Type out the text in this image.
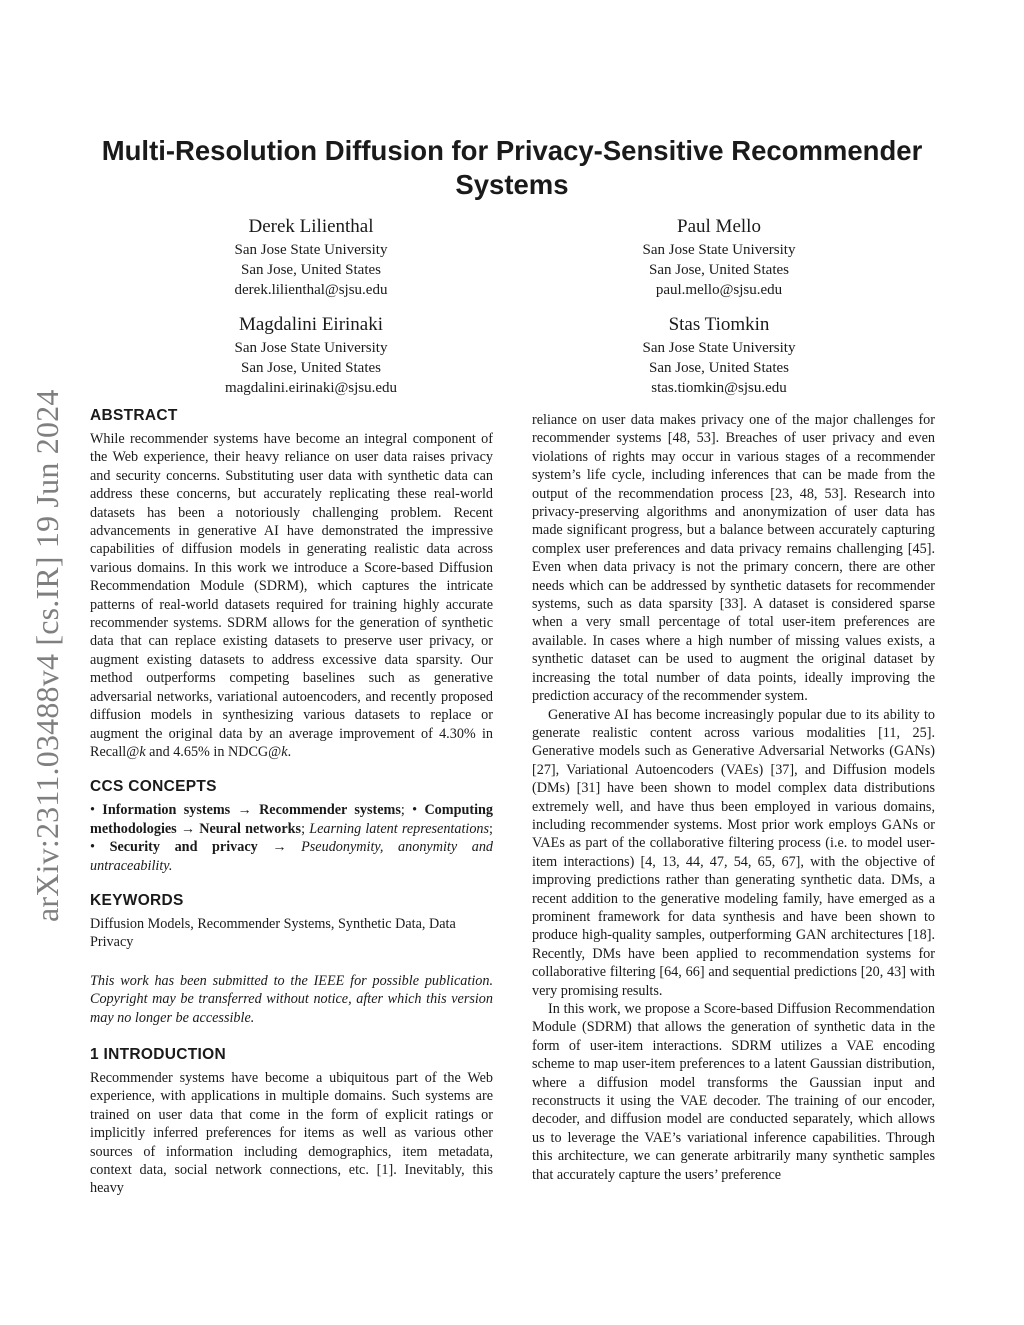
arXiv:2311.03488v4 [cs.IR] 19 Jun 2024
Multi-Resolution Diffusion for Privacy-Sensitive Recommender Systems
Derek Lilienthal
San Jose State University
San Jose, United States
derek.lilienthal@sjsu.edu
Paul Mello
San Jose State University
San Jose, United States
paul.mello@sjsu.edu
Magdalini Eirinaki
San Jose State University
San Jose, United States
magdalini.eirinaki@sjsu.edu
Stas Tiomkin
San Jose State University
San Jose, United States
stas.tiomkin@sjsu.edu
ABSTRACT

While recommender systems have become an integral component of the Web experience, their heavy reliance on user data raises privacy and security concerns. Substituting user data with synthetic data can address these concerns, but accurately replicating these real-world datasets has been a notoriously challenging problem. Recent advancements in generative AI have demonstrated the impressive capabilities of diffusion models in generating realistic data across various domains. In this work we introduce a Score-based Diffusion Recommendation Module (SDRM), which captures the intricate patterns of real-world datasets required for training highly accurate recommender systems. SDRM allows for the generation of synthetic data that can replace existing datasets to preserve user privacy, or augment existing datasets to address excessive data sparsity. Our method outperforms competing baselines such as generative adversarial networks, variational autoencoders, and recently proposed diffusion models in synthesizing various datasets to replace or augment the original data by an average improvement of 4.30% in Recall@k and 4.65% in NDCG@k.

CCS CONCEPTS

• Information systems → Recommender systems; • Computing methodologies → Neural networks; Learning latent representations; • Security and privacy → Pseudonymity, anonymity and untraceability.

KEYWORDS

Diffusion Models, Recommender Systems, Synthetic Data, Data Privacy

This work has been submitted to the IEEE for possible publication. Copyright may be transferred without notice, after which this version may no longer be accessible.

1 INTRODUCTION

Recommender systems have become a ubiquitous part of the Web experience, with applications in multiple domains. Such systems are trained on user data that come in the form of explicit ratings or implicitly inferred preferences for items as well as various other sources of information including demographics, item metadata, context data, social network connections, etc. [1]. Inevitably, this heavy

reliance on user data makes privacy one of the major challenges for recommender systems [48, 53]. Breaches of user privacy and even violations of rights may occur in various stages of a recommender system’s life cycle, including inferences that can be made from the output of the recommendation process [23, 48, 53]. Research into privacy-preserving algorithms and anonymization of user data has made significant progress, but a balance between accurately capturing complex user preferences and data privacy remains challenging [45]. Even when data privacy is not the primary concern, there are other needs which can be addressed by synthetic datasets for recommender systems, such as data sparsity [33]. A dataset is considered sparse when a very small percentage of total user-item preferences are available. In cases where a high number of missing values exists, a synthetic dataset can be used to augment the original dataset by increasing the total number of data points, ideally improving the prediction accuracy of the recommender system.

Generative AI has become increasingly popular due to its ability to generate realistic content across various modalities [11, 25]. Generative models such as Generative Adversarial Networks (GANs) [27], Variational Autoencoders (VAEs) [37], and Diffusion models (DMs) [31] have been shown to model complex data distributions extremely well, and have thus been employed in various domains, including recommender systems. Most prior work employs GANs or VAEs as part of the collaborative filtering process (i.e. to model user-item interactions) [4, 13, 44, 47, 54, 65, 67], with the objective of improving predictions rather than generating synthetic data. DMs, a recent addition to the generative modeling family, have emerged as a prominent framework for data synthesis and have been shown to produce high-quality samples, outperforming GAN architectures [18]. Recently, DMs have been applied to recommendation systems for collaborative filtering [64, 66] and sequential predictions [20, 43] with very promising results.

In this work, we propose a Score-based Diffusion Recommendation Module (SDRM) that allows the generation of synthetic data in the form of user-item interactions. SDRM utilizes a VAE encoding scheme to map user-item preferences to a latent Gaussian distribution, where a diffusion model transforms the Gaussian input and reconstructs it using the VAE decoder. The training of our encoder, decoder, and diffusion model are conducted separately, which allows us to leverage the VAE’s variational inference capabilities. Through this architecture, we can generate arbitrarily many synthetic samples that accurately capture the users’ preference
